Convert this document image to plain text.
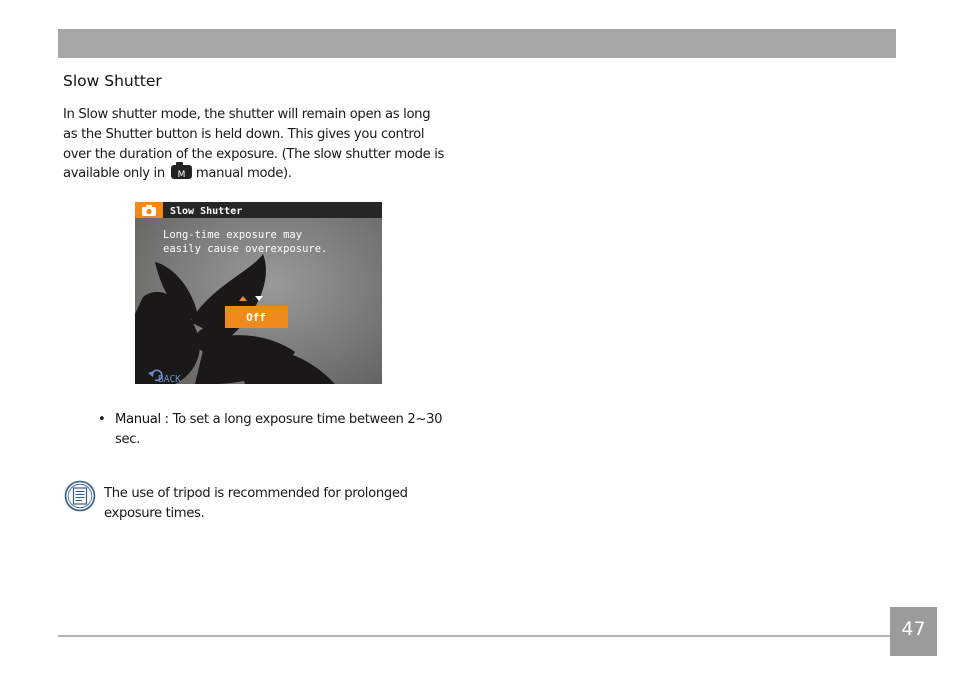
Slow Shutter

In Slow shutter mode, the shutter will remain open as long

as the Shutter button is held down. This gives you control

over the duration of the exposure. (The slow shutter mode is

available only in	M manual mode).

Slow Shutter
Long-time exposure may
easily cause overexposure.
Off
BACK
• Manual : To set a long exposure time between 2~30
sec.

The use of tripod is recommended for prolonged

exposure times.

47
